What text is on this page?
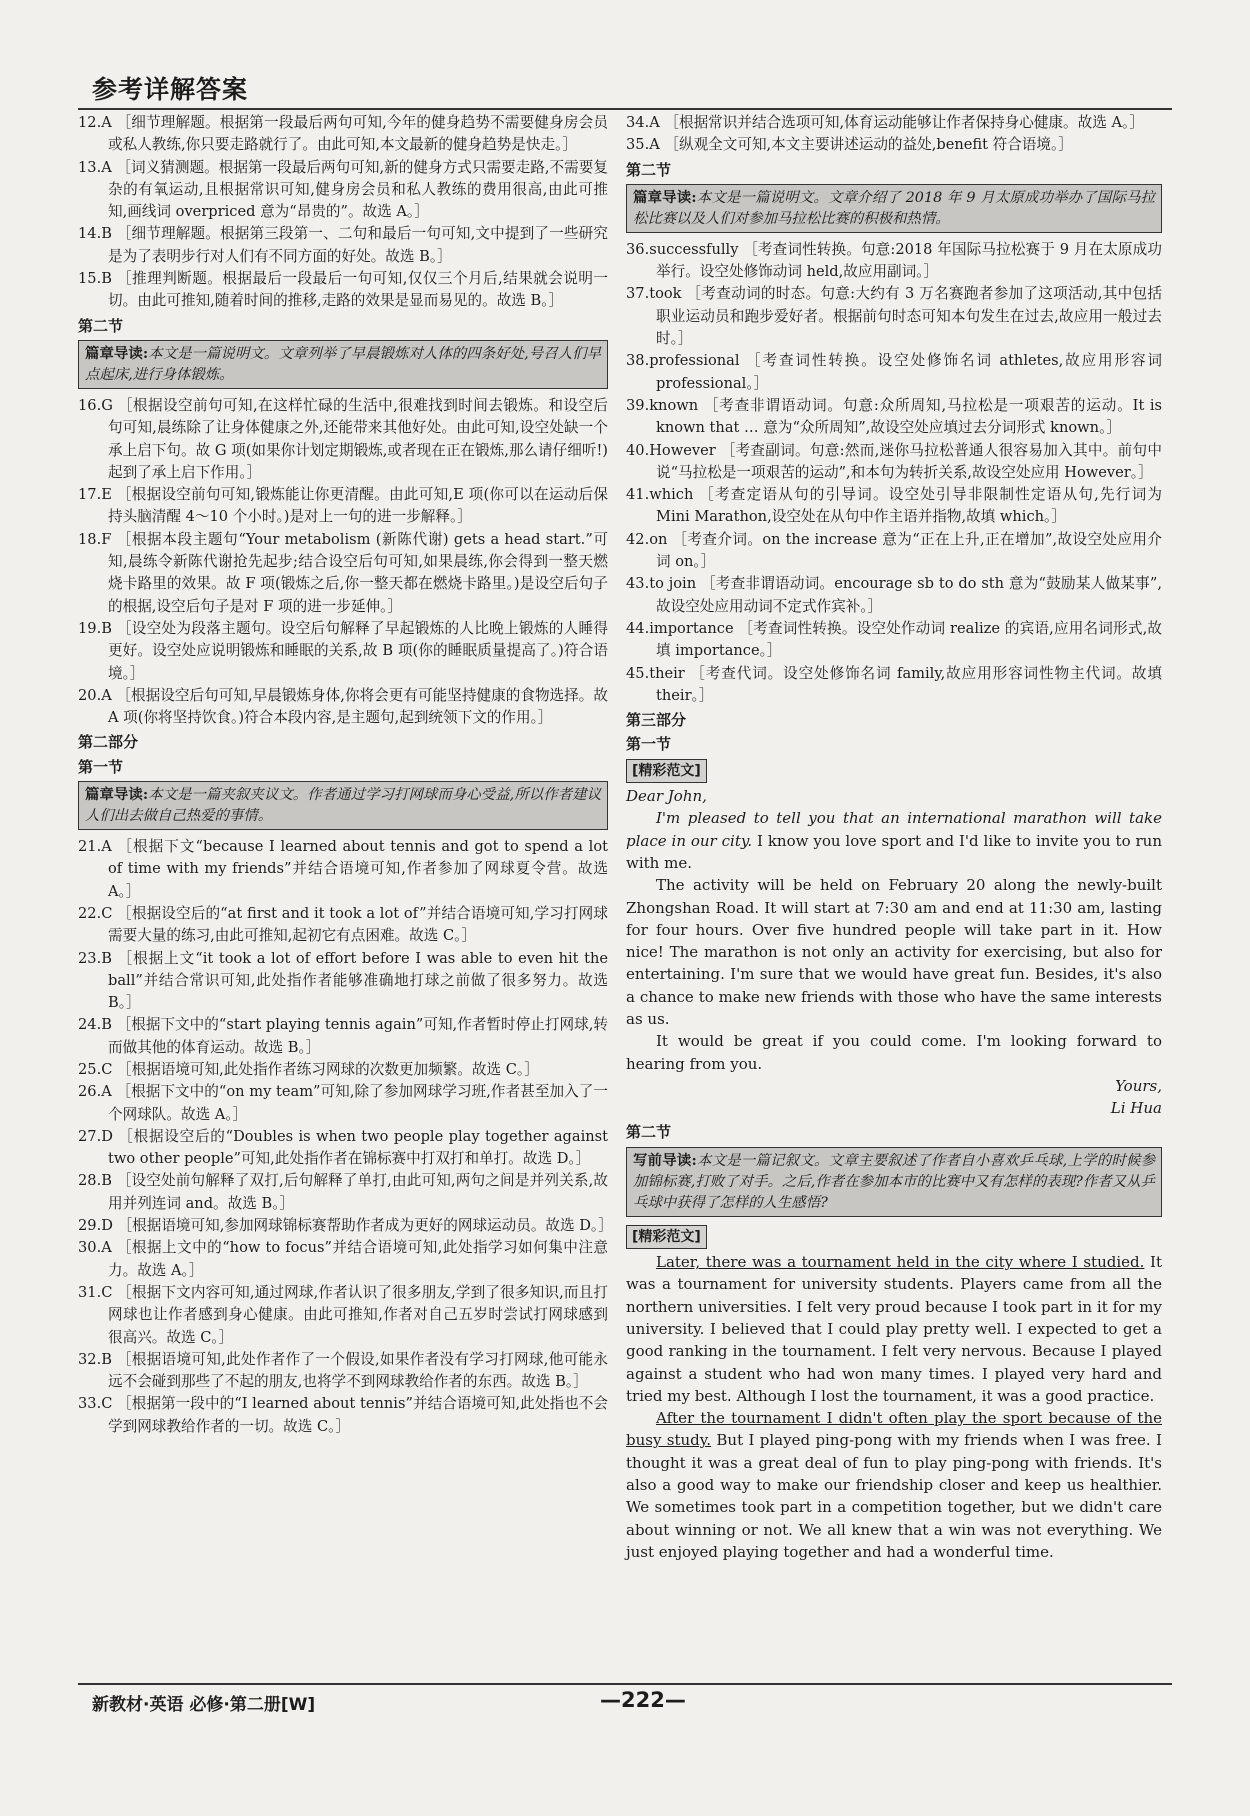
参考详解答案

12.A ［细节理解题。根据第一段最后两句可知,今年的健身趋势不需要健身房会员或私人教练,你只要走路就行了。由此可知,本文最新的健身趋势是快走。］

13.A ［词义猜测题。根据第一段最后两句可知,新的健身方式只需要走路,不需要复杂的有氧运动,且根据常识可知,健身房会员和私人教练的费用很高,由此可推知,画线词 overpriced 意为“昂贵的”。故选 A。］

14.B ［细节理解题。根据第三段第一、二句和最后一句可知,文中提到了一些研究是为了表明步行对人们有不同方面的好处。故选 B。］

15.B ［推理判断题。根据最后一段最后一句可知,仅仅三个月后,结果就会说明一切。由此可推知,随着时间的推移,走路的效果是显而易见的。故选 B。］

第二节
篇章导读:本文是一篇说明文。文章列举了早晨锻炼对人体的四条好处,号召人们早点起床,进行身体锻炼。

16.G ［根据设空前句可知,在这样忙碌的生活中,很难找到时间去锻炼。和设空后句可知,晨练除了让身体健康之外,还能带来其他好处。由此可知,设空处缺一个承上启下句。故 G 项(如果你计划定期锻炼,或者现在正在锻炼,那么请仔细听!)起到了承上启下作用。］

17.E ［根据设空前句可知,锻炼能让你更清醒。由此可知,E 项(你可以在运动后保持头脑清醒 4～10 个小时。)是对上一句的进一步解释。］

18.F ［根据本段主题句“Your metabolism (新陈代谢) gets a head start.”可知,晨练令新陈代谢抢先起步;结合设空后句可知,如果晨练,你会得到一整天燃烧卡路里的效果。故 F 项(锻炼之后,你一整天都在燃烧卡路里。)是设空后句子的根据,设空后句子是对 F 项的进一步延伸。］

19.B ［设空处为段落主题句。设空后句解释了早起锻炼的人比晚上锻炼的人睡得更好。设空处应说明锻炼和睡眠的关系,故 B 项(你的睡眠质量提高了。)符合语境。］

20.A ［根据设空后句可知,早晨锻炼身体,你将会更有可能坚持健康的食物选择。故 A 项(你将坚持饮食。)符合本段内容,是主题句,起到统领下文的作用。］

第二部分
第一节
篇章导读:本文是一篇夹叙夹议文。作者通过学习打网球而身心受益,所以作者建议人们出去做自己热爱的事情。

21.A ［根据下文“because I learned about tennis and got to spend a lot of time with my friends”并结合语境可知,作者参加了网球夏令营。故选 A。］

22.C ［根据设空后的“at first and it took a lot of”并结合语境可知,学习打网球需要大量的练习,由此可推知,起初它有点困难。故选 C。］

23.B ［根据上文“it took a lot of effort before I was able to even hit the ball”并结合常识可知,此处指作者能够准确地打球之前做了很多努力。故选 B。］

24.B ［根据下文中的“start playing tennis again”可知,作者暂时停止打网球,转而做其他的体育运动。故选 B。］

25.C ［根据语境可知,此处指作者练习网球的次数更加频繁。故选 C。］

26.A ［根据下文中的“on my team”可知,除了参加网球学习班,作者甚至加入了一个网球队。故选 A。］

27.D ［根据设空后的“Doubles is when two people play together against two other people”可知,此处指作者在锦标赛中打双打和单打。故选 D。］

28.B ［设空处前句解释了双打,后句解释了单打,由此可知,两句之间是并列关系,故用并列连词 and。故选 B。］

29.D ［根据语境可知,参加网球锦标赛帮助作者成为更好的网球运动员。故选 D。］

30.A ［根据上文中的“how to focus”并结合语境可知,此处指学习如何集中注意力。故选 A。］

31.C ［根据下文内容可知,通过网球,作者认识了很多朋友,学到了很多知识,而且打网球也让作者感到身心健康。由此可推知,作者对自己五岁时尝试打网球感到很高兴。故选 C。］

32.B ［根据语境可知,此处作者作了一个假设,如果作者没有学习打网球,他可能永远不会碰到那些了不起的朋友,也将学不到网球教给作者的东西。故选 B。］

33.C ［根据第一段中的“I learned about tennis”并结合语境可知,此处指也不会学到网球教给作者的一切。故选 C。］

34.A ［根据常识并结合选项可知,体育运动能够让作者保持身心健康。故选 A。］

35.A ［纵观全文可知,本文主要讲述运动的益处,benefit 符合语境。］

第二节
篇章导读:本文是一篇说明文。文章介绍了 2018 年 9 月太原成功举办了国际马拉松比赛以及人们对参加马拉松比赛的积极和热情。

36.successfully ［考查词性转换。句意:2018 年国际马拉松赛于 9 月在太原成功举行。设空处修饰动词 held,故应用副词。］

37.took ［考查动词的时态。句意:大约有 3 万名赛跑者参加了这项活动,其中包括职业运动员和跑步爱好者。根据前句时态可知本句发生在过去,故应用一般过去时。］

38.professional ［考查词性转换。设空处修饰名词 athletes,故应用形容词 professional。］

39.known ［考查非谓语动词。句意:众所周知,马拉松是一项艰苦的运动。It is known that … 意为“众所周知”,故设空处应填过去分词形式 known。］

40.However ［考查副词。句意:然而,迷你马拉松普通人很容易加入其中。前句中说“马拉松是一项艰苦的运动”,和本句为转折关系,故设空处应用 However。］

41.which ［考查定语从句的引导词。设空处引导非限制性定语从句,先行词为 Mini Marathon,设空处在从句中作主语并指物,故填 which。］

42.on ［考查介词。on the increase 意为“正在上升,正在增加”,故设空处应用介词 on。］

43.to join ［考查非谓语动词。encourage sb to do sth 意为“鼓励某人做某事”,故设空处应用动词不定式作宾补。］

44.importance ［考查词性转换。设空处作动词 realize 的宾语,应用名词形式,故填 importance。］

45.their ［考查代词。设空处修饰名词 family,故应用形容词性物主代词。故填 their。］

第三部分
第一节
[精彩范文]

Dear John,

I'm pleased to tell you that an international marathon will take place in our city. I know you love sport and I'd like to invite you to run with me.

The activity will be held on February 20 along the newly-built Zhongshan Road. It will start at 7:30 am and end at 11:30 am, lasting for four hours. Over five hundred people will take part in it. How nice! The marathon is not only an activity for exercising, but also for entertaining. I'm sure that we would have great fun. Besides, it's also a chance to make new friends with those who have the same interests as us.

It would be great if you could come. I'm looking forward to hearing from you.

Yours,

Li Hua

第二节
写前导读:本文是一篇记叙文。文章主要叙述了作者自小喜欢乒乓球,上学的时候参加锦标赛,打败了对手。之后,作者在参加本市的比赛中又有怎样的表现?作者又从乒乓球中获得了怎样的人生感悟?
[精彩范文]

Later, there was a tournament held in the city where I studied. It was a tournament for university students. Players came from all the northern universities. I felt very proud because I took part in it for my university. I believed that I could play pretty well. I expected to get a good ranking in the tournament. I felt very nervous. Because I played against a student who had won many times. I played very hard and tried my best. Although I lost the tournament, it was a good practice.

After the tournament I didn't often play the sport because of the busy study. But I played ping-pong with my friends when I was free. I thought it was a great deal of fun to play ping-pong with friends. It's also a good way to make our friendship closer and keep us healthier. We sometimes took part in a competition together, but we didn't care about winning or not. We all knew that a win was not everything. We just enjoyed playing together and had a wonderful time.

新教材·英语 必修·第二册[W]	—222—
